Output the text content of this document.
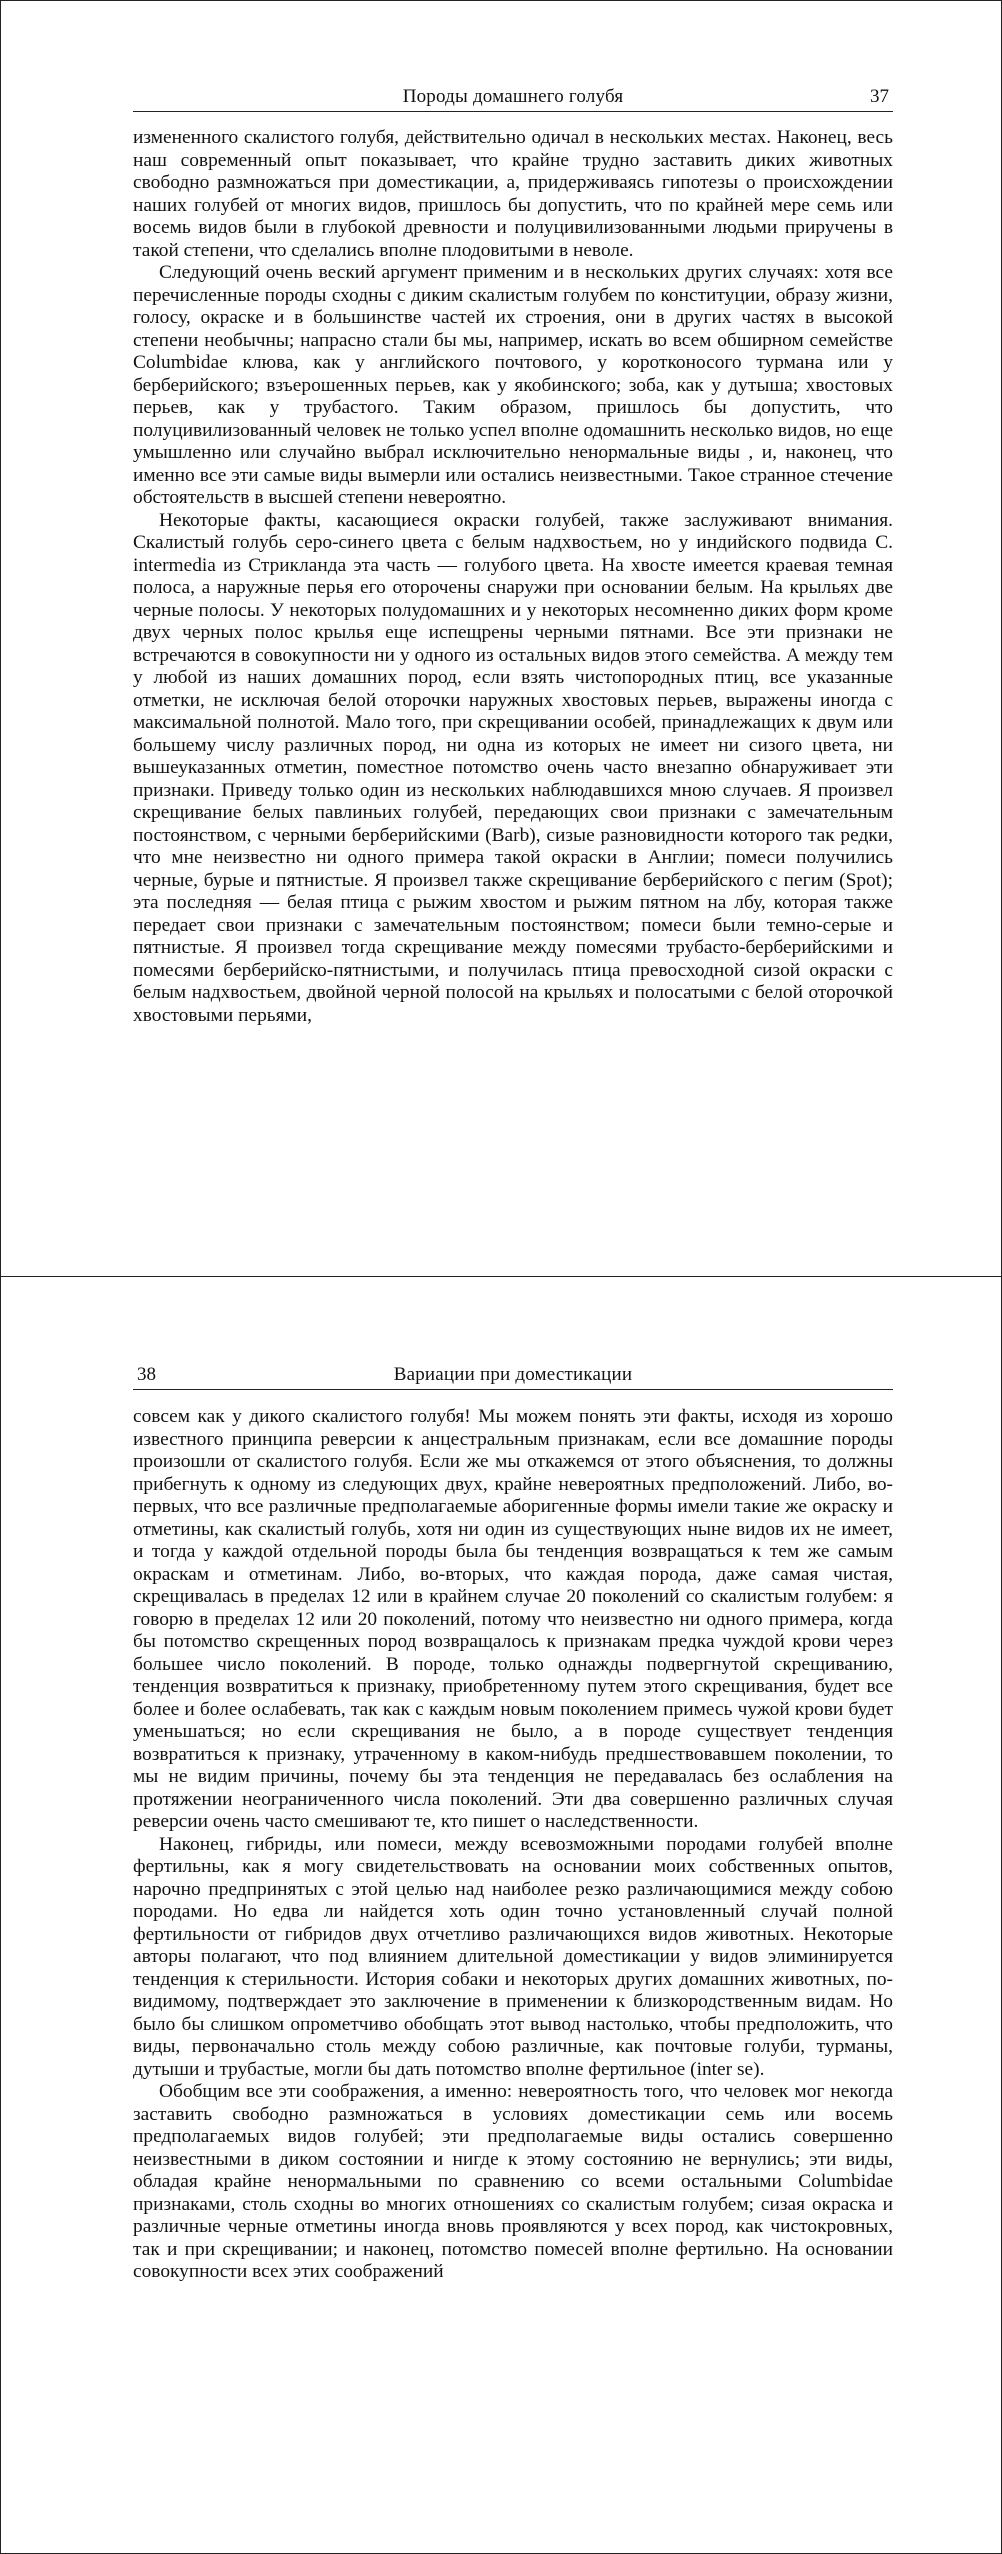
Породы домашнего голубя	37

измененного скалистого голубя, действительно одичал в нескольких местах. Наконец, весь наш современный опыт показывает, что крайне трудно заставить диких животных свободно размножаться при доместикации, а, придерживаясь гипотезы о происхождении наших голубей от многих видов, пришлось бы допустить, что по крайней мере семь или восемь видов были в глубокой древности и полуцивилизованными людьми приручены в такой степени, что сделались вполне плодовитыми в неволе.

Следующий очень веский аргумент применим и в нескольких других случаях: хотя все перечисленные породы сходны с диким скалистым голубем по конституции, образу жизни, голосу, окраске и в большинстве частей их строения, они в других частях в высокой степени необычны; напрасно стали бы мы, например, искать во всем обширном семействе Columbidae клюва, как у английского почтового, у коротконосого турмана или у берберийского; взъерошенных перьев, как у якобинского; зоба, как у дутыша; хвостовых перьев, как у трубастого. Таким образом, пришлось бы допустить, что полуцивилизованный человек не только успел вполне одомашнить несколько видов, но еще умышленно или случайно выбрал исключительно ненормальные виды , и, наконец, что именно все эти самые виды вымерли или остались неизвестными. Такое странное стечение обстоятельств в высшей степени невероятно.

Некоторые факты, касающиеся окраски голубей, также заслуживают внимания. Скалистый голубь серо-синего цвета с белым надхвостьем, но у индийского подвида C. intermedia из Стрикланда эта часть — голубого цвета. На хвосте имеется краевая темная полоса, а наружные перья его оторочены снаружи при основании белым. На крыльях две черные полосы. У некоторых полудомашних и у некоторых несомненно диких форм кроме двух черных полос крылья еще испещрены черными пятнами. Все эти признаки не встречаются в совокупности ни у одного из остальных видов этого семейства. А между тем у любой из наших домашних пород, если взять чистопородных птиц, все указанные отметки, не исключая белой оторочки наружных хвостовых перьев, выражены иногда с максимальной полнотой. Мало того, при скрещивании особей, принадлежащих к двум или большему числу различных пород, ни одна из которых не имеет ни сизого цвета, ни вышеуказанных отметин, поместное потомство очень часто внезапно обнаруживает эти признаки. Приведу только один из нескольких наблюдавшихся мною случаев. Я произвел скрещивание белых павлиньих голубей, передающих свои признаки с замечательным постоянством, с черными берберийскими (Barb), сизые разновидности которого так редки, что мне неизвестно ни одного примера такой окраски в Англии; помеси получились черные, бурые и пятнистые. Я произвел также скрещивание берберийского с пегим (Spot); эта последняя — белая птица с рыжим хвостом и рыжим пятном на лбу, которая также передает свои признаки с замечательным постоянством; помеси были темно-серые и пятнистые. Я произвел тогда скрещивание между помесями трубасто-берберийскими и помесями берберийско-пятнистыми, и получилась птица превосходной сизой окраски с белым надхвостьем, двойной черной полосой на крыльях и полосатыми с белой оторочкой хвостовыми перьями,

38	Вариации при доместикации

совсем как у дикого скалистого голубя! Мы можем понять эти факты, исходя из хорошо известного принципа реверсии к анцестральным признакам, если все домашние породы произошли от скалистого голубя. Если же мы откажемся от этого объяснения, то должны прибегнуть к одному из следующих двух, крайне невероятных предположений. Либо, во-первых, что все различные предполагаемые аборигенные формы имели такие же окраску и отметины, как скалистый голубь, хотя ни один из существующих ныне видов их не имеет, и тогда у каждой отдельной породы была бы тенденция возвращаться к тем же самым окраскам и отметинам. Либо, во-вторых, что каждая порода, даже самая чистая, скрещивалась в пределах 12 или в крайнем случае 20 поколений со скалистым голубем: я говорю в пределах 12 или 20 поколений, потому что неизвестно ни одного примера, когда бы потомство скрещенных пород возвращалось к признакам предка чуждой крови через большее число поколений. В породе, только однажды подвергнутой скрещиванию, тенденция возвратиться к признаку, приобретенному путем этого скрещивания, будет все более и более ослабевать, так как с каждым новым поколением примесь чужой крови будет уменьшаться; но если скрещивания не было, а в породе существует тенденция возвратиться к признаку, утраченному в каком-нибудь предшествовавшем поколении, то мы не видим причины, почему бы эта тенденция не передавалась без ослабления на протяжении неограниченного числа поколений. Эти два совершенно различных случая реверсии очень часто смешивают те, кто пишет о наследственности.

Наконец, гибриды, или помеси, между всевозможными породами голубей вполне фертильны, как я могу свидетельствовать на основании моих собственных опытов, нарочно предпринятых с этой целью над наиболее резко различающимися между собою породами. Но едва ли найдется хоть один точно установленный случай полной фертильности от гибридов двух отчетливо различающихся видов животных. Некоторые авторы полагают, что под влиянием длительной доместикации у видов элиминируется тенденция к стерильности. История собаки и некоторых других домашних животных, по-видимому, подтверждает это заключение в применении к близкородственным видам. Но было бы слишком опрометчиво обобщать этот вывод настолько, чтобы предположить, что виды, первоначально столь между собою различные, как почтовые голуби, турманы, дутыши и трубастые, могли бы дать потомство вполне фертильное (inter se).

Обобщим все эти соображения, а именно: невероятность того, что человек мог некогда заставить свободно размножаться в условиях доместикации семь или восемь предполагаемых видов голубей; эти предполагаемые виды остались совершенно неизвестными в диком состоянии и нигде к этому состоянию не вернулись; эти виды, обладая крайне ненормальными по сравнению со всеми остальными Columbidae признаками, столь сходны во многих отношениях со скалистым голубем; сизая окраска и различные черные отметины иногда вновь проявляются у всех пород, как чистокровных, так и при скрещивании; и наконец, потомство помесей вполне фертильно. На основании совокупности всех этих соображений
